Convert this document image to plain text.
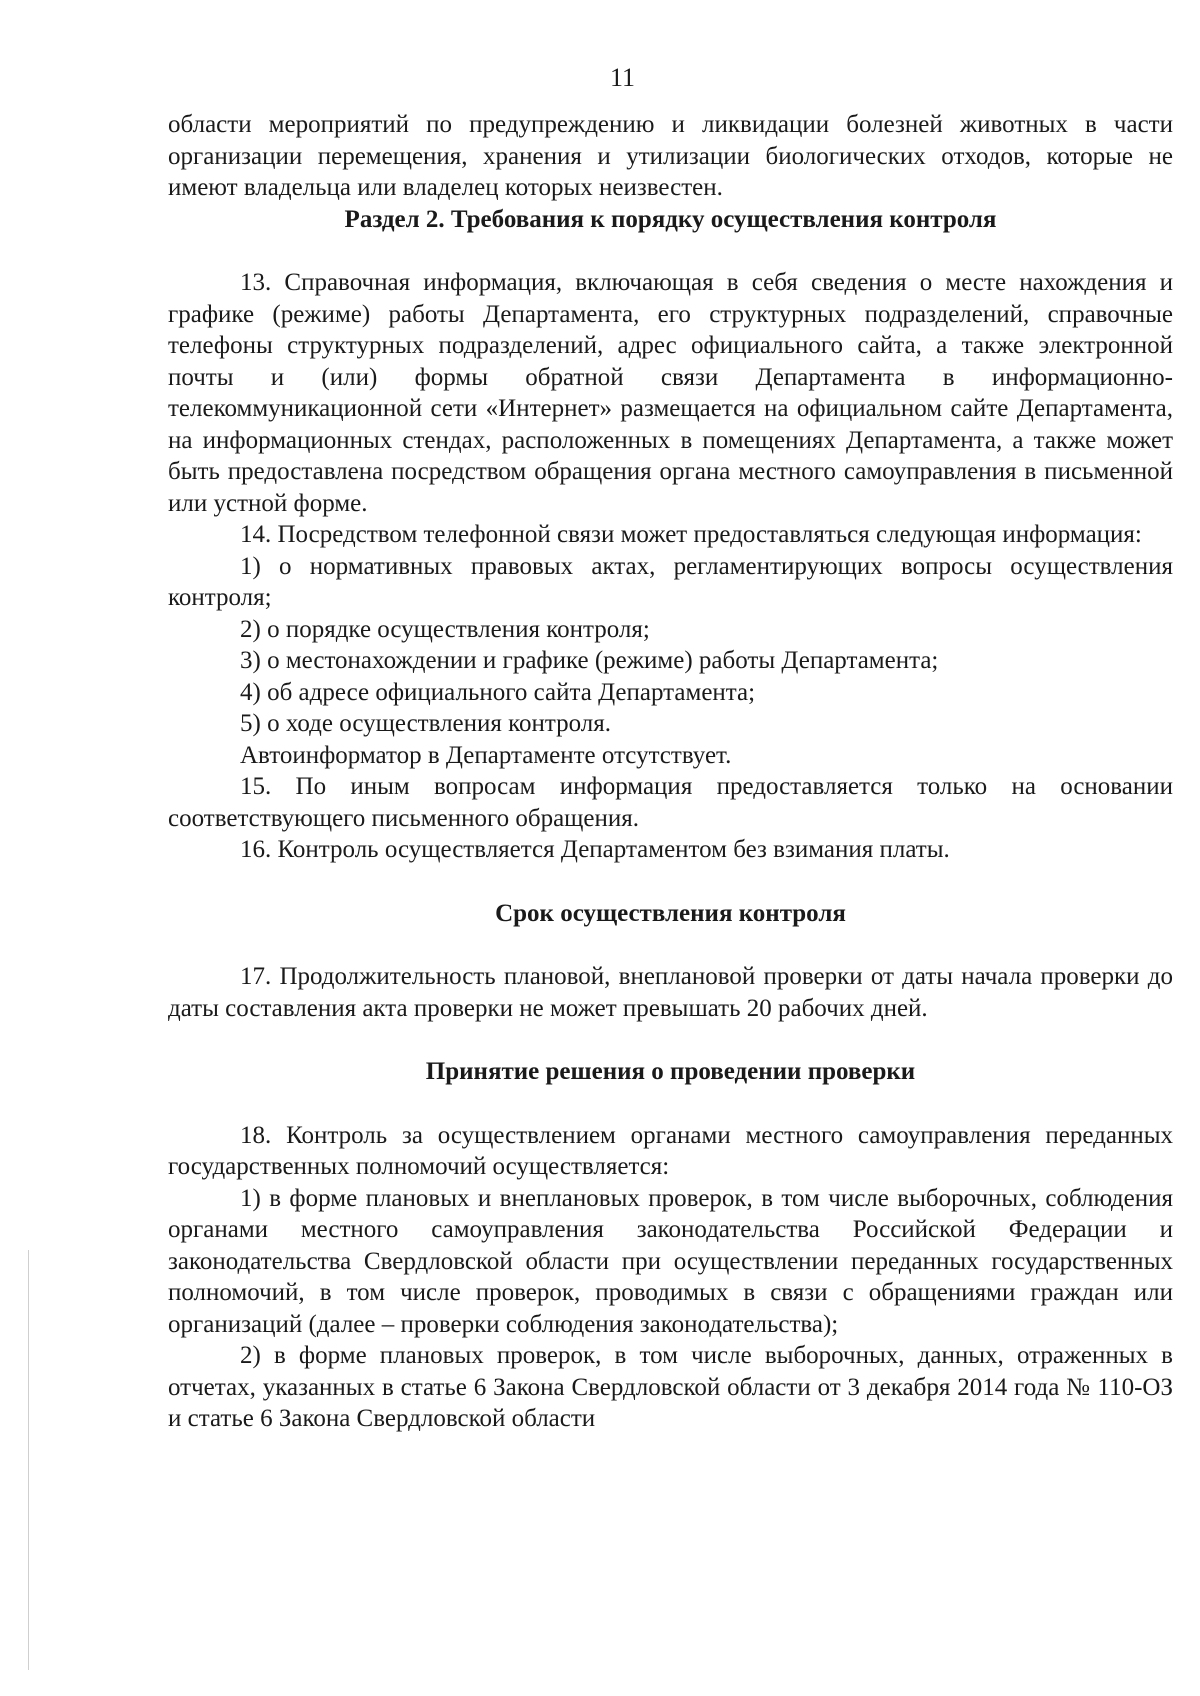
11

области мероприятий по предупреждению и ликвидации болезней животных в части организации перемещения, хранения и утилизации биологических отходов, которые не имеют владельца или владелец которых неизвестен.

Раздел 2. Требования к порядку осуществления контроля

13. Справочная информация, включающая в себя сведения о месте нахождения и графике (режиме) работы Департамента, его структурных подразделений, справочные телефоны структурных подразделений, адрес официального сайта, а также электронной почты и (или) формы обратной связи Департамента в информационно-телекоммуникационной сети «Интернет» размещается на официальном сайте Департамента, на информационных стендах, расположенных в помещениях Департамента, а также может быть предоставлена посредством обращения органа местного самоуправления в письменной или устной форме.

14. Посредством телефонной связи может предоставляться следующая информация:

1) о нормативных правовых актах, регламентирующих вопросы осуществления контроля;

2) о порядке осуществления контроля;

3) о местонахождении и графике (режиме) работы Департамента;

4) об адресе официального сайта Департамента;

5) о ходе осуществления контроля.

Автоинформатор в Департаменте отсутствует.

15. По иным вопросам информация предоставляется только на основании соответствующего письменного обращения.

16. Контроль осуществляется Департаментом без взимания платы.

Срок осуществления контроля

17. Продолжительность плановой, внеплановой проверки от даты начала проверки до даты составления акта проверки не может превышать 20 рабочих дней.

Принятие решения о проведении проверки

18. Контроль за осуществлением органами местного самоуправления переданных государственных полномочий осуществляется:

1) в форме плановых и внеплановых проверок, в том числе выборочных, соблюдения органами местного самоуправления законодательства Российской Федерации и законодательства Свердловской области при осуществлении переданных государственных полномочий, в том числе проверок, проводимых в связи с обращениями граждан или организаций (далее – проверки соблюдения законодательства);

2) в форме плановых проверок, в том числе выборочных, данных, отраженных в отчетах, указанных в статье 6 Закона Свердловской области от 3 декабря 2014 года № 110-ОЗ и статье 6 Закона Свердловской области
